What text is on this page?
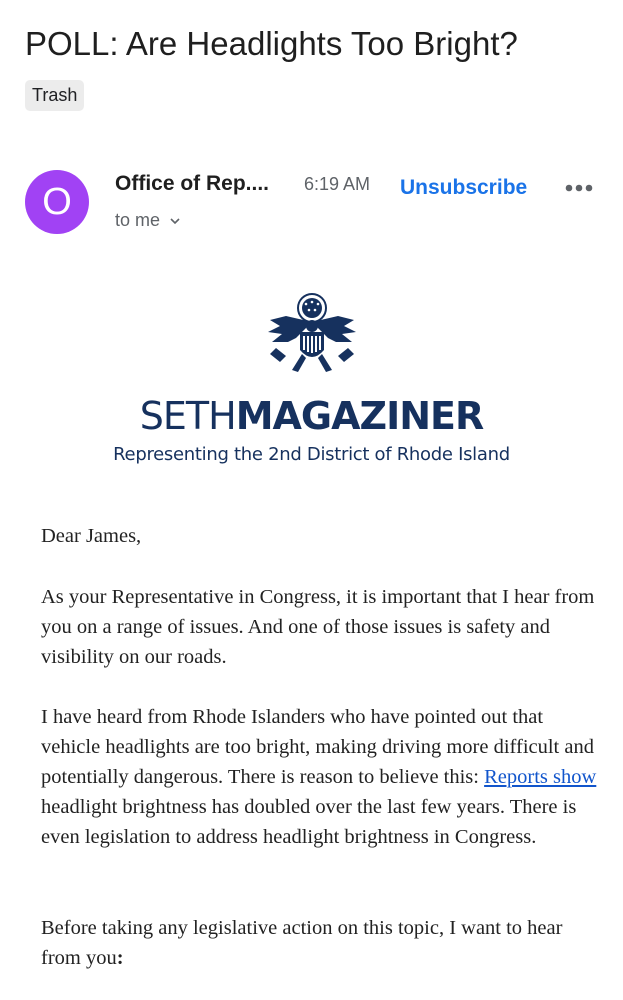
POLL: Are Headlights Too Bright?
Trash
O	Office of Rep.... 6:19 AM Unsubscribe
to me
SETHMAGAZINER
Representing the 2nd District of Rhode Island
Dear James,
As your Representative in Congress, it is important that I hear from you on a range of issues. And one of those issues is safety and visibility on our roads.
I have heard from Rhode Islanders who have pointed out that vehicle headlights are too bright, making driving more difficult and potentially dangerous. There is reason to believe this: Reports show headlight brightness has doubled over the last few years. There is even legislation to address headlight brightness in Congress.
Before taking any legislative action on this topic, I want to hear from you:
